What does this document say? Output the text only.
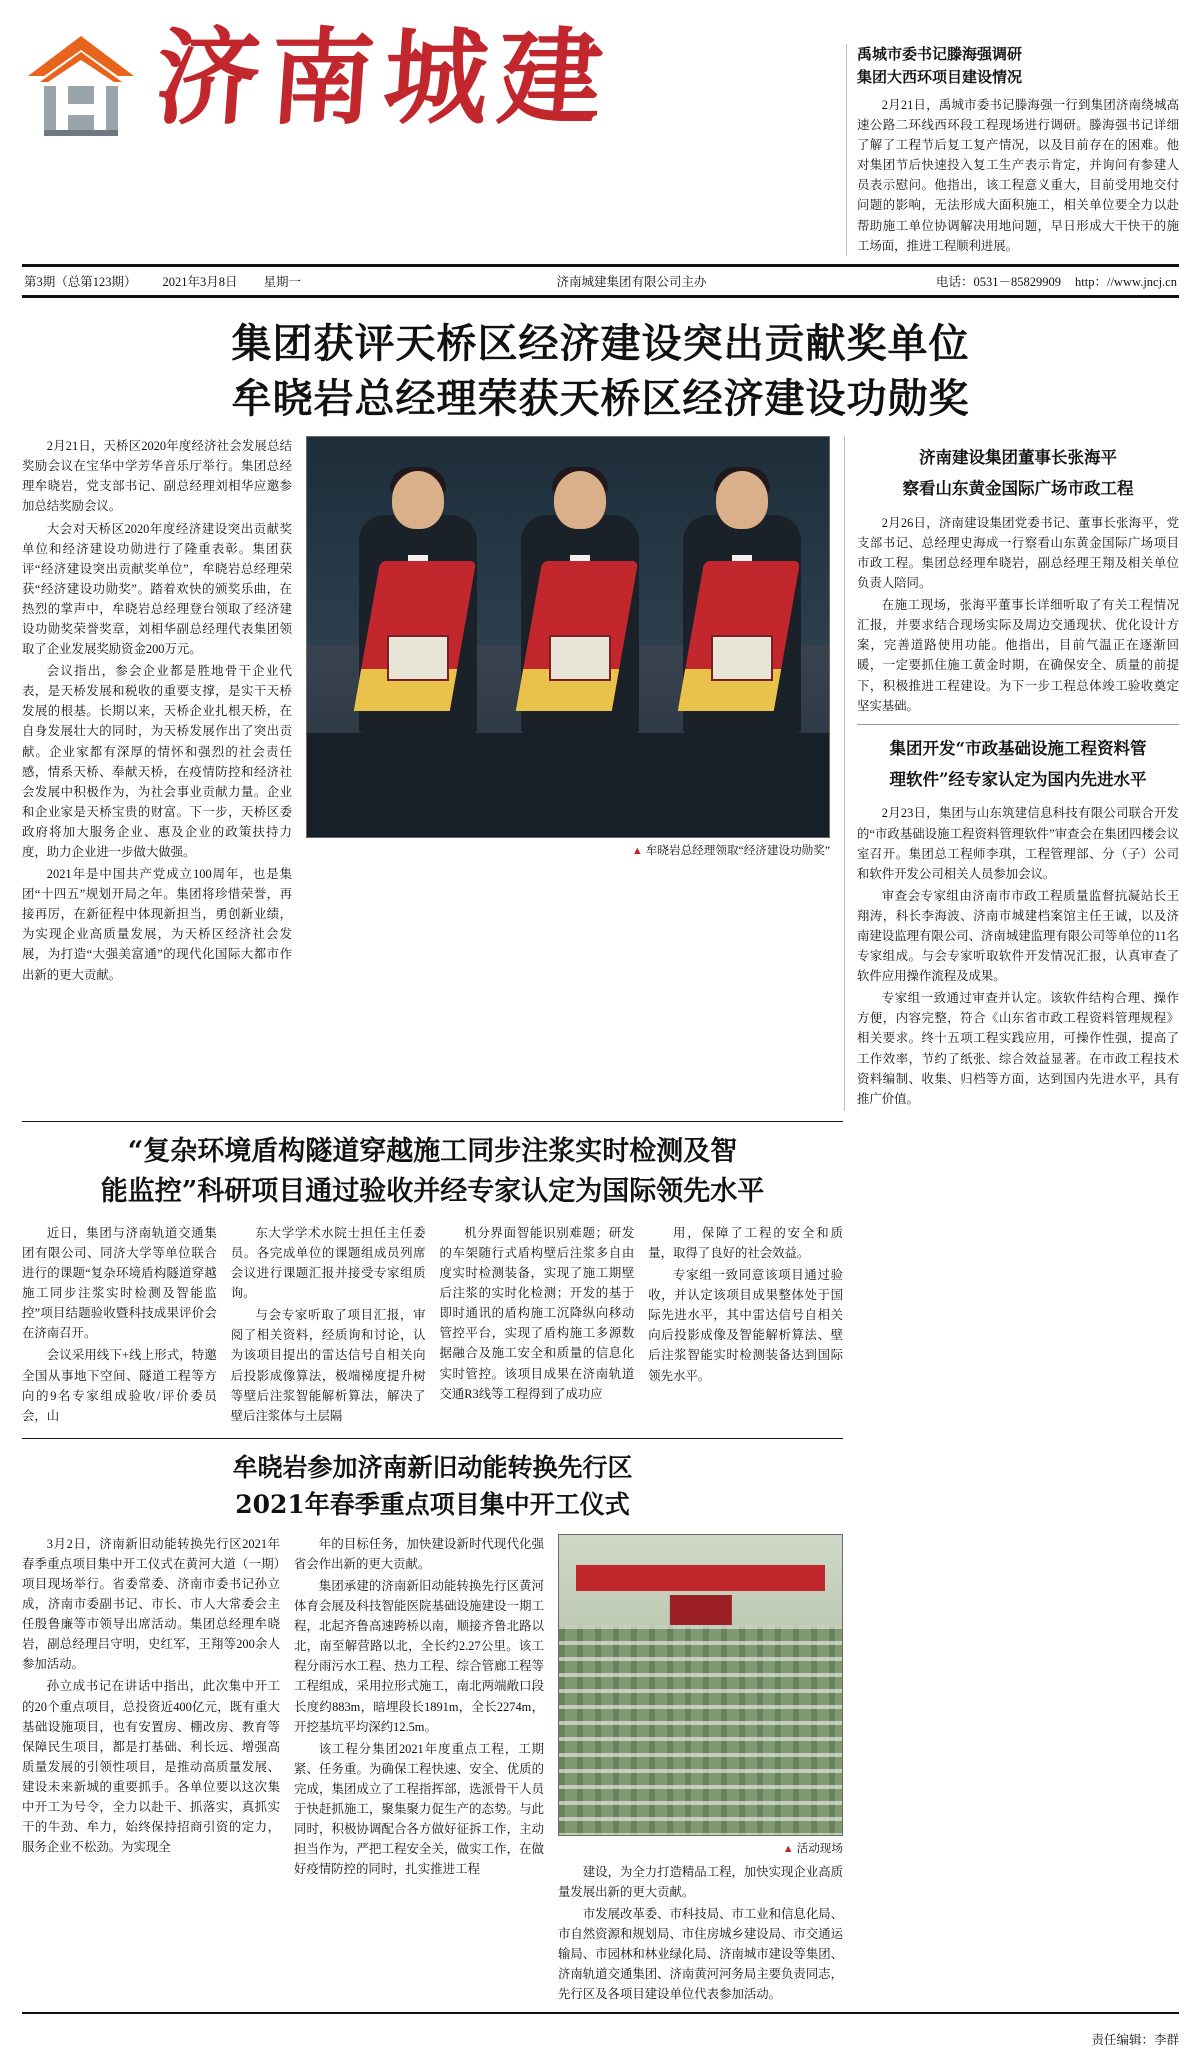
济南城建	禹城市委书记滕海强调研
集团大西环项目建设情况

2月21日，禹城市委书记滕海强一行到集团济南绕城高速公路二环线西环段工程现场进行调研。滕海强书记详细了解了工程节后复工复产情况，以及目前存在的困难。他对集团节后快速投入复工生产表示肯定，并询问有参建人员表示慰问。他指出，该工程意义重大，目前受用地交付问题的影响，无法形成大面积施工，相关单位要全力以赴帮助施工单位协调解决用地问题，早日形成大干快干的施工场面，推进工程顺利进展。

第3期（总第123期） 2021年3月8日 星期一	济南城建集团有限公司主办	电话：0531－85829909 http：//www.jncj.cn
集团获评天桥区经济建设突出贡献奖单位
牟晓岩总经理荣获天桥区经济建设功勋奖

2月21日，天桥区2020年度经济社会发展总结奖励会议在宝华中学芳华音乐厅举行。集团总经理牟晓岩，党支部书记、副总经理刘相华应邀参加总结奖励会议。

大会对天桥区2020年度经济建设突出贡献奖单位和经济建设功勋进行了隆重表彰。集团获评“经济建设突出贡献奖单位”，牟晓岩总经理荣获“经济建设功勋奖”。踏着欢快的颁奖乐曲，在热烈的掌声中，牟晓岩总经理登台领取了经济建设功勋奖荣誉奖章，刘相华副总经理代表集团领取了企业发展奖励资金200万元。

会议指出，参会企业都是胜地骨干企业代表，是天桥发展和税收的重要支撑，是实干天桥发展的根基。长期以来，天桥企业扎根天桥，在自身发展壮大的同时，为天桥发展作出了突出贡献。企业家都有深厚的情怀和强烈的社会责任感，情系天桥、奉献天桥，在疫情防控和经济社会发展中积极作为，为社会事业贡献力量。企业和企业家是天桥宝贵的财富。下一步，天桥区委政府将加大服务企业、惠及企业的政策扶持力度，助力企业进一步做大做强。

2021年是中国共产党成立100周年，也是集团“十四五”规划开局之年。集团将珍惜荣誉，再接再厉，在新征程中体现新担当，勇创新业绩，为实现企业高质量发展，为天桥区经济社会发展，为打造“大强美富通”的现代化国际大都市作出新的更大贡献。

▲ 牟晓岩总经理领取“经济建设功勋奖”

济南建设集团董事长张海平
察看山东黄金国际广场市政工程

2月26日，济南建设集团党委书记、董事长张海平，党支部书记、总经理史海成一行察看山东黄金国际广场项目市政工程。集团总经理牟晓岩，副总经理王翔及相关单位负责人陪同。

在施工现场，张海平董事长详细听取了有关工程情况汇报，并要求结合现场实际及周边交通现状、优化设计方案，完善道路使用功能。他指出，目前气温正在逐渐回暖，一定要抓住施工黄金时期，在确保安全、质量的前提下，积极推进工程建设。为下一步工程总体竣工验收奠定坚实基础。

集团开发“市政基础设施工程资料管
理软件”经专家认定为国内先进水平

2月23日，集团与山东筑建信息科技有限公司联合开发的“市政基础设施工程资料管理软件”审查会在集团四楼会议室召开。集团总工程师李琪，工程管理部、分（子）公司和软件开发公司相关人员参加会议。

审查会专家组由济南市市政工程质量监督抗凝站长王翔涛，科长李海波、济南市城建档案馆主任王诚，以及济南建设监理有限公司、济南城建监理有限公司等单位的11名专家组成。与会专家听取软件开发情况汇报，认真审查了软件应用操作流程及成果。

专家组一致通过审查并认定。该软件结构合理、操作方便，内容完整，符合《山东省市政工程资料管理规程》相关要求。终十五项工程实践应用，可操作性强，提高了工作效率，节约了纸张、综合效益显著。在市政工程技术资料编制、收集、归档等方面，达到国内先进水平，具有推广价值。

“复杂环境盾构隧道穿越施工同步注浆实时检测及智
能监控”科研项目通过验收并经专家认定为国际领先水平

近日，集团与济南轨道交通集团有限公司、同济大学等单位联合进行的课题“复杂环境盾构隧道穿越施工同步注浆实时检测及智能监控”项目结题验收暨科技成果评价会在济南召开。

会议采用线下+线上形式，特邀全国从事地下空间、隧道工程等方向的9名专家组成验收/评价委员会，山

东大学学术水院士担任主任委员。各完成单位的课题组成员列席会议进行课题汇报并接受专家组质询。

与会专家听取了项目汇报，审阅了相关资料，经质询和讨论，认为该项目提出的雷达信号自相关向后投影成像算法，极端梯度提升树等壁后注浆智能解析算法，解决了壁后注浆体与土层隔

机分界面智能识别难题；研发的车架随行式盾构壁后注浆多自由度实时检测装备，实现了施工期壁后注浆的实时化检测；开发的基于即时通讯的盾构施工沉降纵向移动管控平台，实现了盾构施工多源数据融合及施工安全和质量的信息化实时管控。该项目成果在济南轨道交通R3线等工程得到了成功应

用，保障了工程的安全和质量，取得了良好的社会效益。

专家组一致同意该项目通过验收，并认定该项目成果整体处于国际先进水平，其中雷达信号自相关向后投影成像及智能解析算法、壁后注浆智能实时检测装备达到国际领先水平。

牟晓岩参加济南新旧动能转换先行区
2021年春季重点项目集中开工仪式

3月2日，济南新旧动能转换先行区2021年春季重点项目集中开工仪式在黄河大道（一期）项目现场举行。省委常委、济南市委书记孙立成，济南市委副书记、市长、市人大常委会主任殷鲁廉等市领导出席活动。集团总经理牟晓岩，副总经理吕守明，史红军，王翔等200余人参加活动。

孙立成书记在讲话中指出，此次集中开工的20个重点项目，总投资近400亿元，既有重大基础设施项目，也有安置房、棚改房、教育等保障民生项目，都是打基础、利长远、增强高质量发展的引领性项目，是推动高质量发展、建设未来新城的重要抓手。各单位要以这次集中开工为号令，全力以赴干、抓落实，真抓实干的牛劲、牟力，始终保持招商引资的定力，服务企业不松劲。为实现全

年的目标任务，加快建设新时代现代化强省会作出新的更大贡献。

集团承建的济南新旧动能转换先行区黄河体育会展及科技智能医院基础设施建设一期工程，北起齐鲁高速跨桥以南，顺接齐鲁北路以北，南至解营路以北，全长约2.27公里。该工程分雨污水工程、热力工程、综合管廊工程等工程组成，采用拉形式施工，南北两端敞口段长度约883m，暗埋段长1891m，全长2274m，开挖基坑平均深约12.5m。

该工程分集团2021年度重点工程，工期紧、任务重。为确保工程快速、安全、优质的完成，集团成立了工程指挥部，选派骨干人员于快赶抓施工，聚集聚力促生产的态势。与此同时，积极协调配合各方做好征拆工作，主动担当作为，严把工程安全关，做实工作，在做好疫情防控的同时，扎实推进工程

▲ 活动现场

建设，为全力打造精品工程，加快实现企业高质量发展出新的更大贡献。

市发展改革委、市科技局、市工业和信息化局、市自然资源和规划局、市住房城乡建设局、市交通运输局、市园林和林业绿化局、济南城市建设等集团、济南轨道交通集团、济南黄河河务局主要负责同志，先行区及各项目建设单位代表参加活动。

责任编辑：李群
